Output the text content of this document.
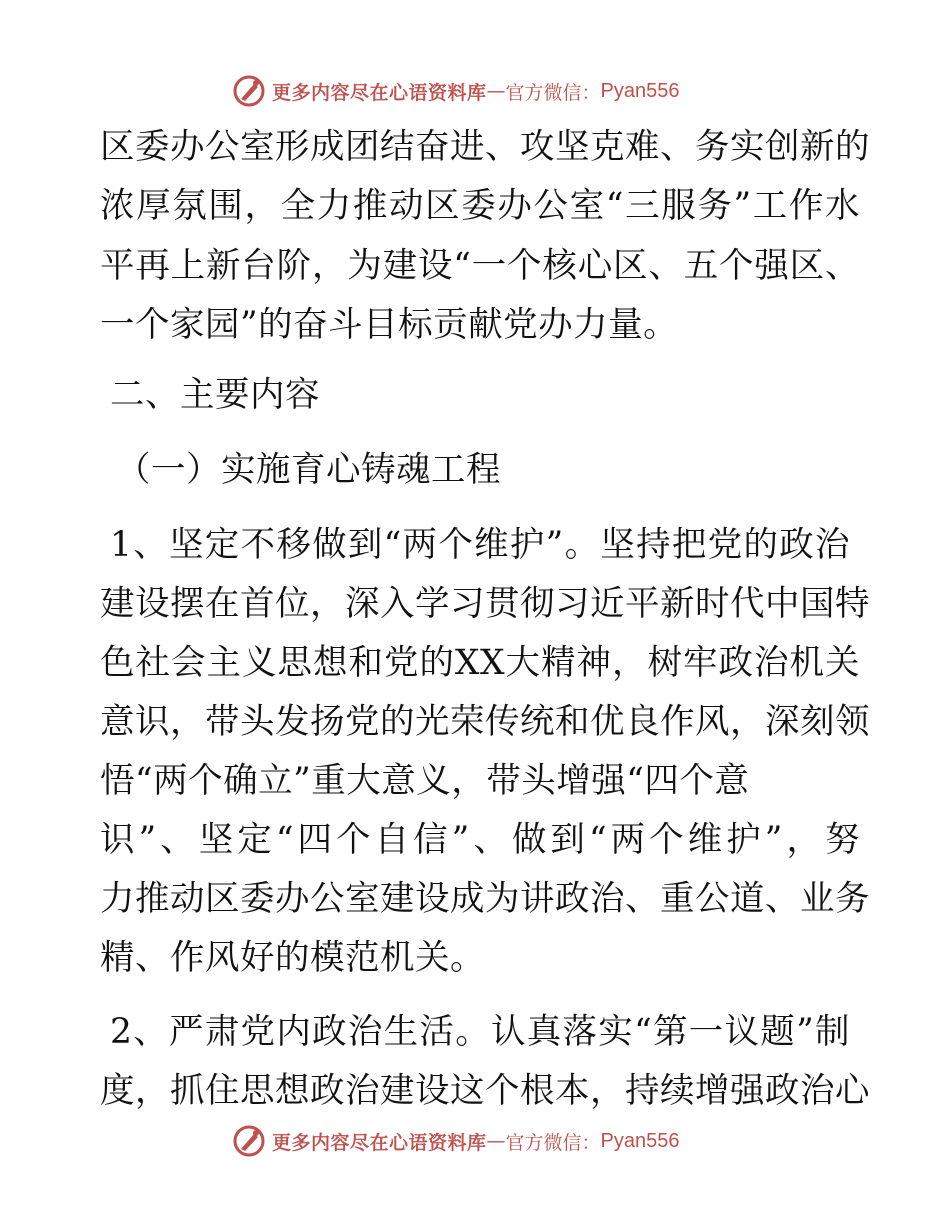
更多内容尽在心语资料库 — 官方微信： Pyan556
区委办公室形成团结奋进、攻坚克难、务实创新的
浓厚氛围，全力推动区委办公室“三服务”工作水
平再上新台阶，为建设“一个核心区、五个强区、
一个家园”的奋斗目标贡献党办力量。
二、主要内容
（一）实施育心铸魂工程
1、坚定不移做到“两个维护”。坚持把党的政治
建设摆在首位，深入学习贯彻习近平新时代中国特
色社会主义思想和党的XX大精神，树牢政治机关
意识，带头发扬党的光荣传统和优良作风，深刻领
悟“两个确立”重大意义，带头增强“四个意
识”、坚定“四个自信”、做到“两个维护”，努
力推动区委办公室建设成为讲政治、重公道、业务
精、作风好的模范机关。
2、严肃党内政治生活。认真落实“第一议题”制
度，抓住思想政治建设这个根本，持续增强政治心
更多内容尽在心语资料库 — 官方微信： Pyan556
